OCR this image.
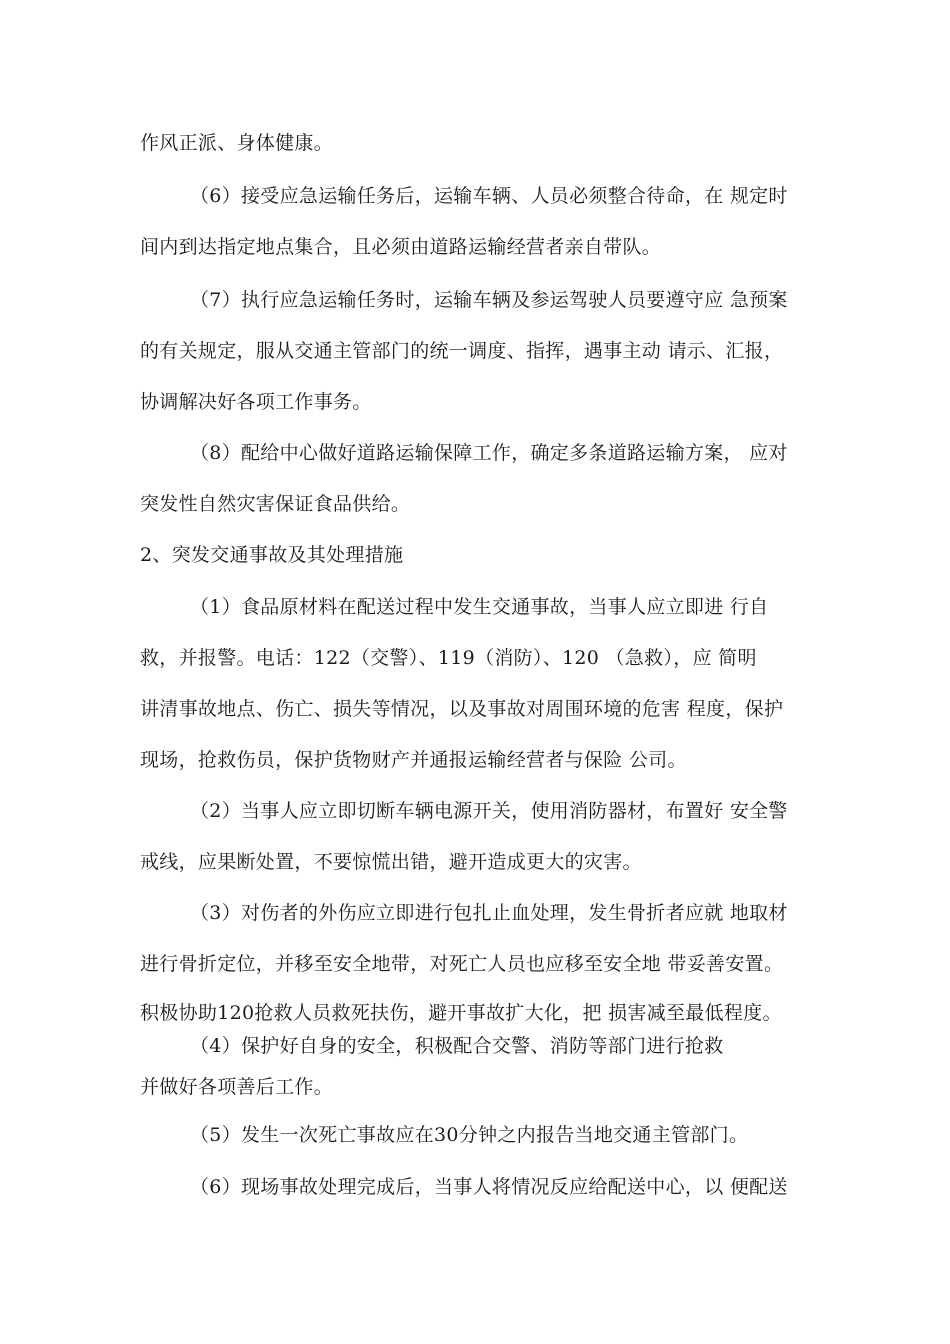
作风正派、身体健康。
（6）接受应急运输任务后，运输车辆、人员必须整合待命，在 规定时
间内到达指定地点集合，且必须由道路运输经营者亲自带队。
（7）执行应急运输任务时，运输车辆及参运驾驶人员要遵守应 急预案
的有关规定，服从交通主管部门的统一调度、指挥，遇事主动 请示、汇报，
协调解决好各项工作事务。
（8）配给中心做好道路运输保障工作，确定多条道路运输方案， 应对
突发性自然灾害保证食品供给。
2、突发交通事故及其处理措施
（1）食品原材料在配送过程中发生交通事故，当事人应立即进 行自
救，并报警。电话：122（交警）、119（消防）、120 （急救），应 简明
讲清事故地点、伤亡、损失等情况，以及事故对周围环境的危害 程度，保护
现场，抢救伤员，保护货物财产并通报运输经营者与保险 公司。
（2）当事人应立即切断车辆电源开关，使用消防器材，布置好 安全警
戒线，应果断处置，不要惊慌出错，避开造成更大的灾害。
（3）对伤者的外伤应立即进行包扎止血处理，发生骨折者应就 地取材
进行骨折定位，并移至安全地带，对死亡人员也应移至安全地 带妥善安置。
积极协助120抢救人员救死扶伤，避开事故扩大化，把 损害减至最低程度。
（4）保护好自身的安全，积极配合交警、消防等部门进行抢救
并做好各项善后工作。
（5）发生一次死亡事故应在30分钟之内报告当地交通主管部门。
（6）现场事故处理完成后，当事人将情况反应给配送中心，以 便配送
